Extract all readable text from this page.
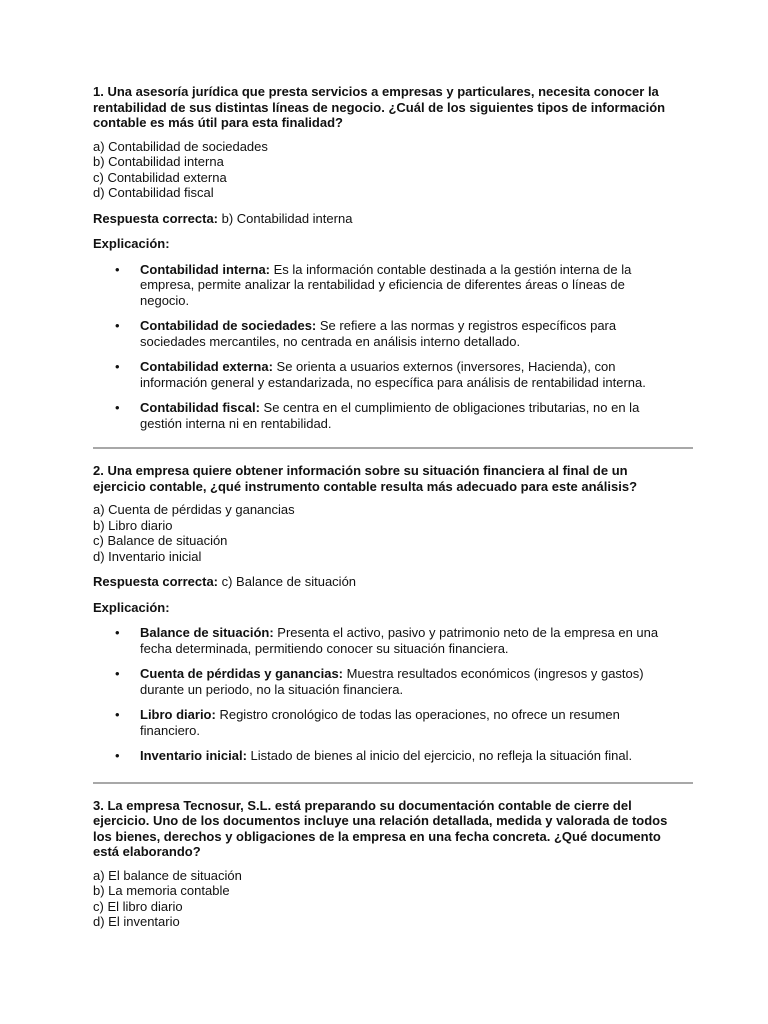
1. Una asesoría jurídica que presta servicios a empresas y particulares, necesita conocer la rentabilidad de sus distintas líneas de negocio. ¿Cuál de los siguientes tipos de información contable es más útil para esta finalidad?

a) Contabilidad de sociedades
b) Contabilidad interna
c) Contabilidad externa
d) Contabilidad fiscal

Respuesta correcta: b) Contabilidad interna

Explicación:

• Contabilidad interna: Es la información contable destinada a la gestión interna de la empresa, permite analizar la rentabilidad y eficiencia de diferentes áreas o líneas de negocio.
• Contabilidad de sociedades: Se refiere a las normas y registros específicos para sociedades mercantiles, no centrada en análisis interno detallado.
• Contabilidad externa: Se orienta a usuarios externos (inversores, Hacienda), con información general y estandarizada, no específica para análisis de rentabilidad interna.
• Contabilidad fiscal: Se centra en el cumplimiento de obligaciones tributarias, no en la gestión interna ni en rentabilidad.

2. Una empresa quiere obtener información sobre su situación financiera al final de un ejercicio contable, ¿qué instrumento contable resulta más adecuado para este análisis?

a) Cuenta de pérdidas y ganancias
b) Libro diario
c) Balance de situación
d) Inventario inicial

Respuesta correcta: c) Balance de situación

Explicación:

• Balance de situación: Presenta el activo, pasivo y patrimonio neto de la empresa en una fecha determinada, permitiendo conocer su situación financiera.
• Cuenta de pérdidas y ganancias: Muestra resultados económicos (ingresos y gastos) durante un periodo, no la situación financiera.
• Libro diario: Registro cronológico de todas las operaciones, no ofrece un resumen financiero.
• Inventario inicial: Listado de bienes al inicio del ejercicio, no refleja la situación final.

3. La empresa Tecnosur, S.L. está preparando su documentación contable de cierre del ejercicio. Uno de los documentos incluye una relación detallada, medida y valorada de todos los bienes, derechos y obligaciones de la empresa en una fecha concreta. ¿Qué documento está elaborando?

a) El balance de situación
b) La memoria contable
c) El libro diario
d) El inventario
